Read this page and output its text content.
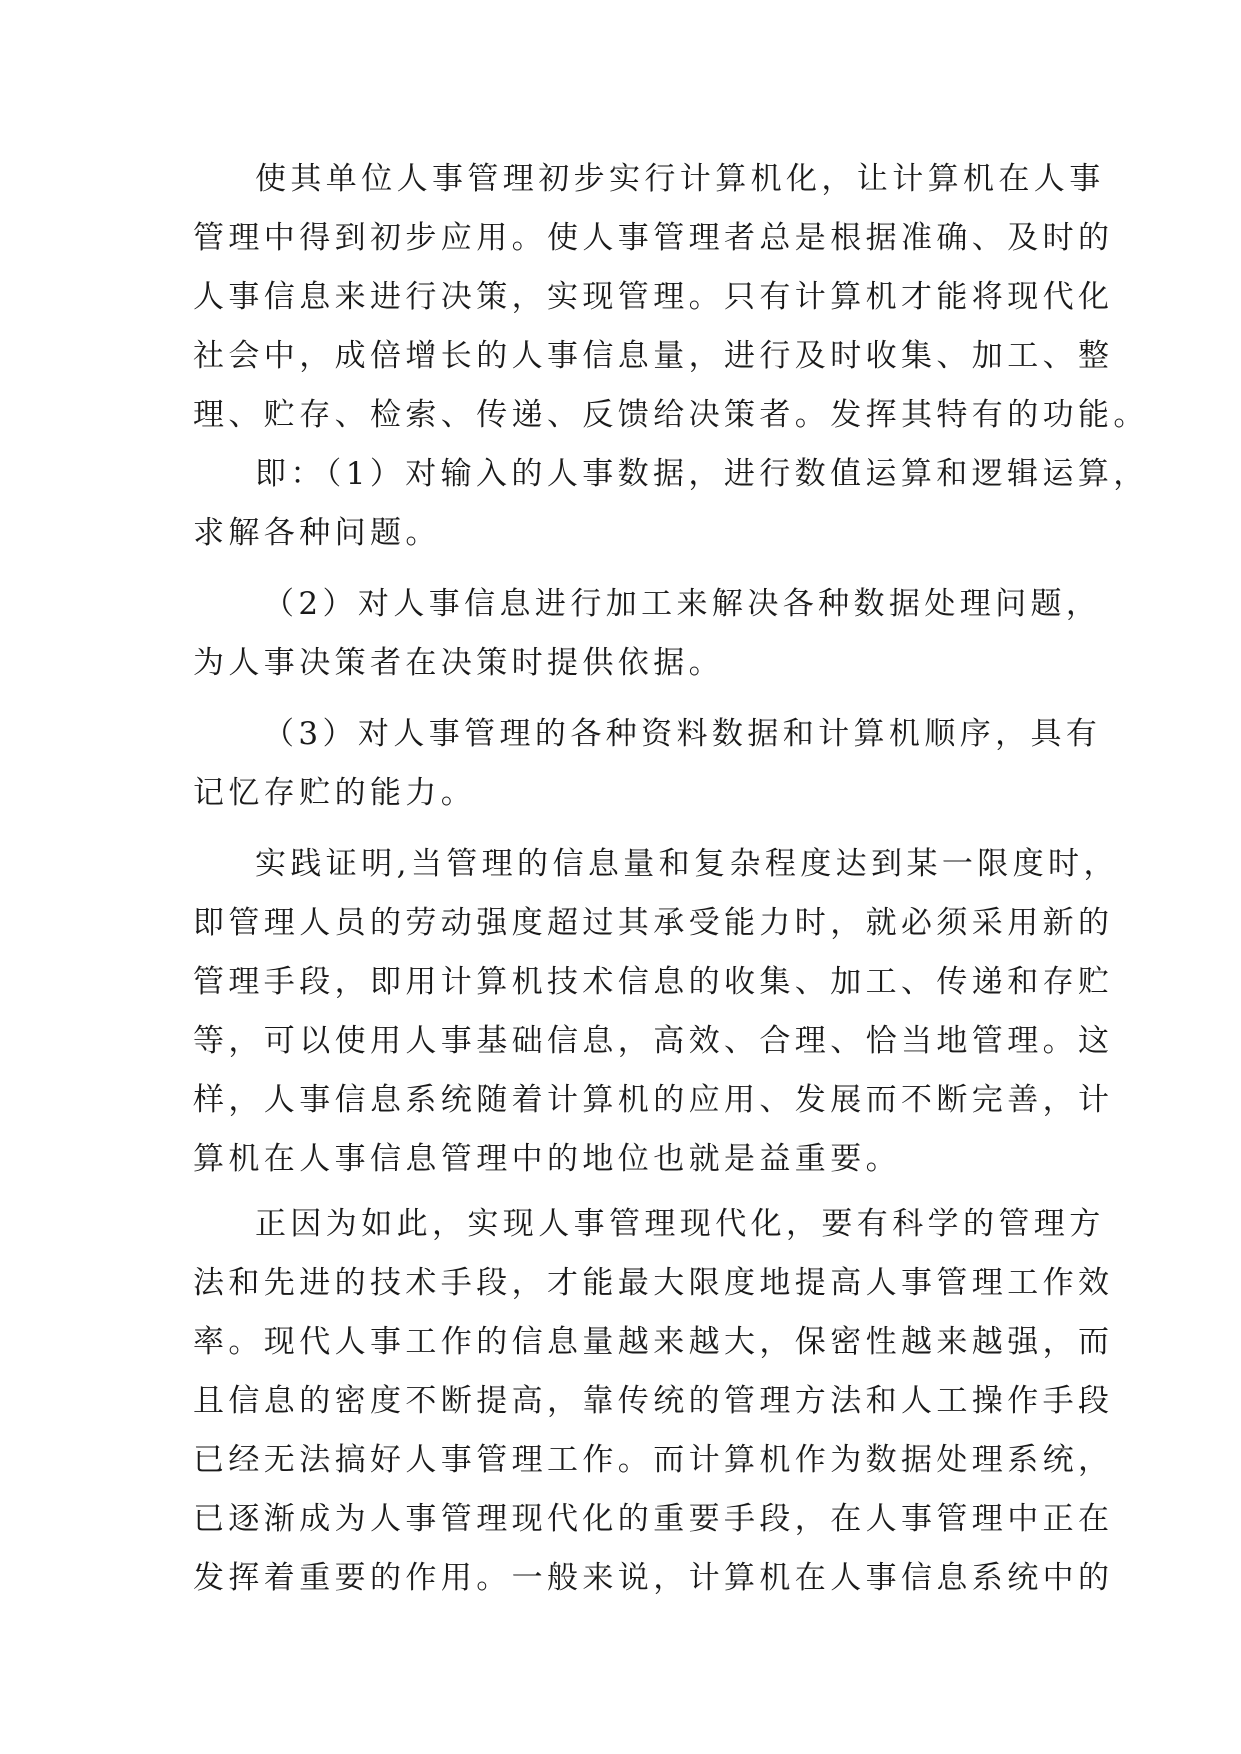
使其单位人事管理初步实行计算机化，让计算机在人事
管理中得到初步应用。使人事管理者总是根据准确、及时的
人事信息来进行决策，实现管理。只有计算机才能将现代化
社会中，成倍增长的人事信息量，进行及时收集、加工、整
理、贮存、检索、传递、反馈给决策者。发挥其特有的功能。
即：（1）对输入的人事数据，进行数值运算和逻辑运算，
求解各种问题。
（2）对人事信息进行加工来解决各种数据处理问题，
为人事决策者在决策时提供依据。
（3）对人事管理的各种资料数据和计算机顺序，具有
记忆存贮的能力。
实践证明,当管理的信息量和复杂程度达到某一限度时，
即管理人员的劳动强度超过其承受能力时，就必须采用新的
管理手段，即用计算机技术信息的收集、加工、传递和存贮
等，可以使用人事基础信息，高效、合理、恰当地管理。这
样，人事信息系统随着计算机的应用、发展而不断完善，计
算机在人事信息管理中的地位也就是益重要。
正因为如此，实现人事管理现代化，要有科学的管理方
法和先进的技术手段，才能最大限度地提高人事管理工作效
率。现代人事工作的信息量越来越大，保密性越来越强，而
且信息的密度不断提高，靠传统的管理方法和人工操作手段
已经无法搞好人事管理工作。而计算机作为数据处理系统，
已逐渐成为人事管理现代化的重要手段，在人事管理中正在
发挥着重要的作用。一般来说，计算机在人事信息系统中的
